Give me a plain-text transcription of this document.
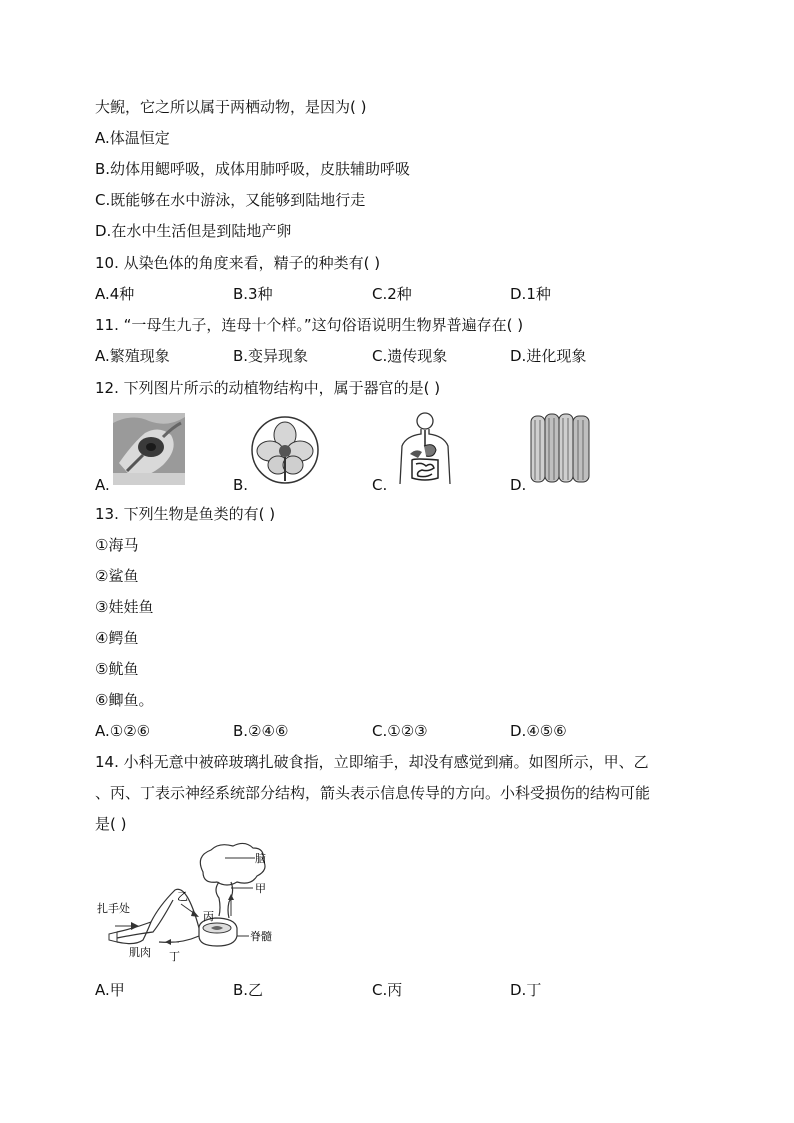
大鲵，它之所以属于两栖动物，是因为( )
A.体温恒定
B.幼体用鳃呼吸，成体用肺呼吸，皮肤辅助呼吸
C.既能够在水中游泳，又能够到陆地行走
D.在水中生活但是到陆地产卵
10. 从染色体的角度来看，精子的种类有( )
A.4种	B.3种	C.2种	D.1种
11. “一母生九子，连母十个样。”这句俗语说明生物界普遍存在( )
A.繁殖现象	B.变异现象	C.遗传现象	D.进化现象
12. 下列图片所示的动植物结构中，属于器官的是( )
A.	B.	C.	D.
13. 下列生物是鱼类的有( )
①海马
②鲨鱼
③娃娃鱼
④鳄鱼
⑤鱿鱼
⑥鲫鱼。
A.①②⑥	B.②④⑥	C.①②③	D.④⑤⑥
14. 小科无意中被碎玻璃扎破食指，立即缩手，却没有感觉到痛。如图所示，甲、乙
、丙、丁表示神经系统部分结构，箭头表示信息传导的方向。小科受损伤的结构可能
是( )
脑
甲
乙
丙
丁
扎手处
肌肉
脊髓
A.甲	B.乙	C.丙	D.丁
